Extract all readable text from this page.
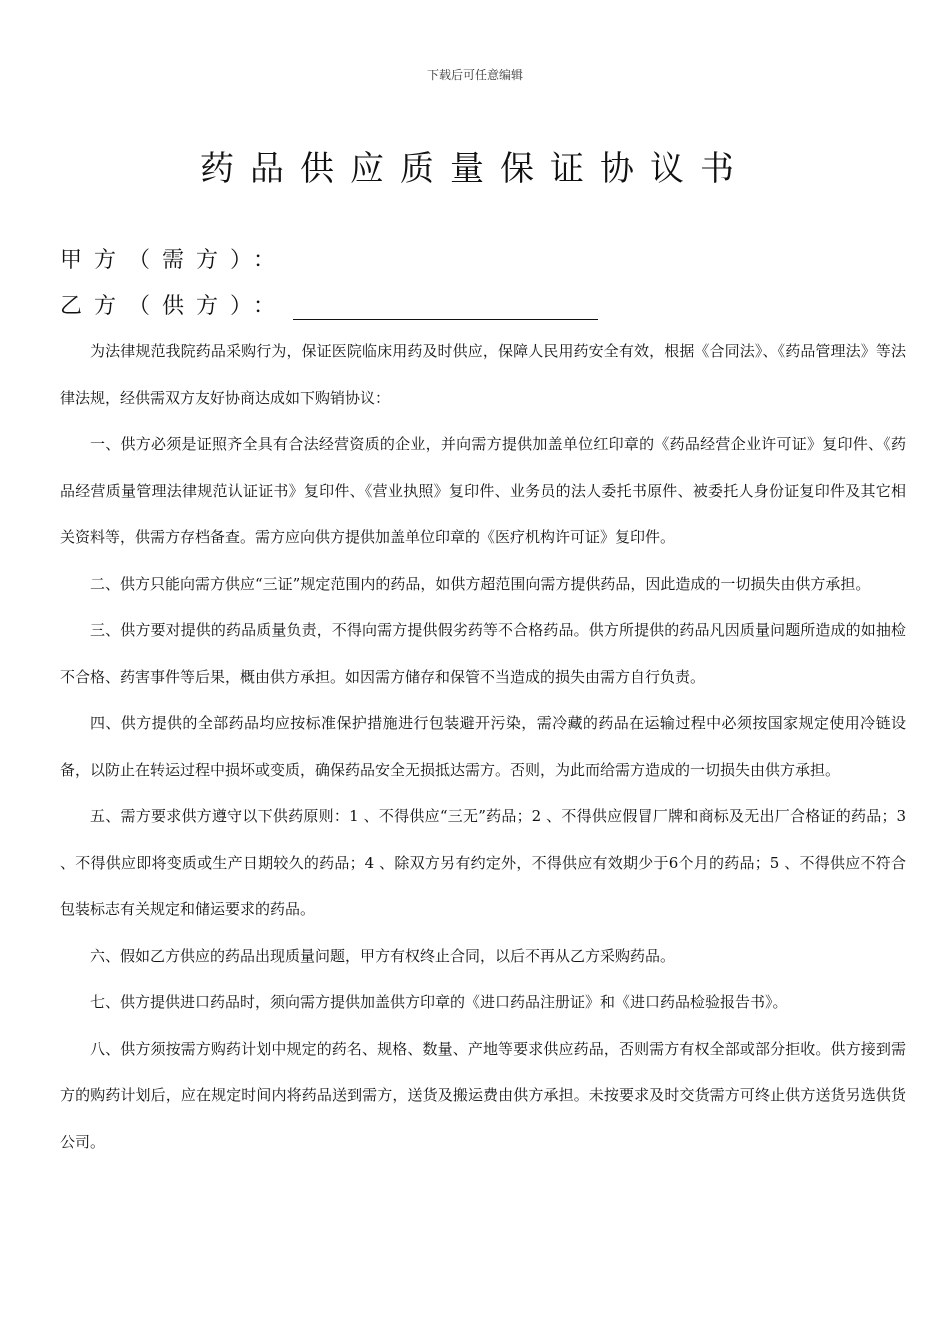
下载后可任意编辑
药品供应质量保证协议书
甲方（需方）：
乙方（供方）：

为法律规范我院药品采购行为，保证医院临床用药及时供应，保障人民用药安全有效，根据《合同法》、《药品管理法》等法律法规，经供需双方友好协商达成如下购销协议：

一、供方必须是证照齐全具有合法经营资质的企业，并向需方提供加盖单位红印章的《药品经营企业许可证》复印件、《药品经营质量管理法律规范认证证书》复印件、《营业执照》复印件、业务员的法人委托书原件、被委托人身份证复印件及其它相关资料等，供需方存档备查。需方应向供方提供加盖单位印章的《医疗机构许可证》复印件。

二、供方只能向需方供应“三证”规定范围内的药品，如供方超范围向需方提供药品，因此造成的一切损失由供方承担。

三、供方要对提供的药品质量负责，不得向需方提供假劣药等不合格药品。供方所提供的药品凡因质量问题所造成的如抽检不合格、药害事件等后果，概由供方承担。如因需方储存和保管不当造成的损失由需方自行负责。

四、供方提供的全部药品均应按标准保护措施进行包装避开污染，需冷藏的药品在运输过程中必须按国家规定使用冷链设备，以防止在转运过程中损坏或变质，确保药品安全无损抵达需方。否则，为此而给需方造成的一切损失由供方承担。

五、需方要求供方遵守以下供药原则：1 、不得供应“三无”药品；2 、不得供应假冒厂牌和商标及无出厂合格证的药品；3 、不得供应即将变质或生产日期较久的药品；4 、除双方另有约定外，不得供应有效期少于6个月的药品；5 、不得供应不符合包装标志有关规定和储运要求的药品。

六、假如乙方供应的药品出现质量问题，甲方有权终止合同，以后不再从乙方采购药品。

七、供方提供进口药品时，须向需方提供加盖供方印章的《进口药品注册证》和《进口药品检验报告书》。

八、供方须按需方购药计划中规定的药名、规格、数量、产地等要求供应药品，否则需方有权全部或部分拒收。供方接到需方的购药计划后，应在规定时间内将药品送到需方，送货及搬运费由供方承担。未按要求及时交货需方可终止供方送货另选供货公司。
